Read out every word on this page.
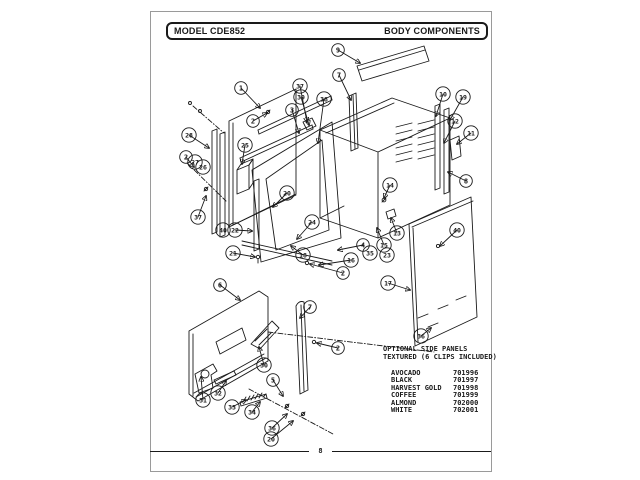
MODEL CDE852	BODY COMPONENTS
1
2
3
37
39 38
9
7
10 19
12
11
8
14
13	40
17
28
2
27
26
37
25
40 22
20
24
21	18
16
2
4
35
15
23
6
7
2
30
31
32
33
34
5
36
20
36
OPTIONAL SIDE PANELS
TEXTURED (6 CLIPS INCLUDED)
AVOCADO	701996
BLACK	701997
HARVEST GOLD	701998
COFFEE	701999
ALMOND	702000
WHITE	702001
8
